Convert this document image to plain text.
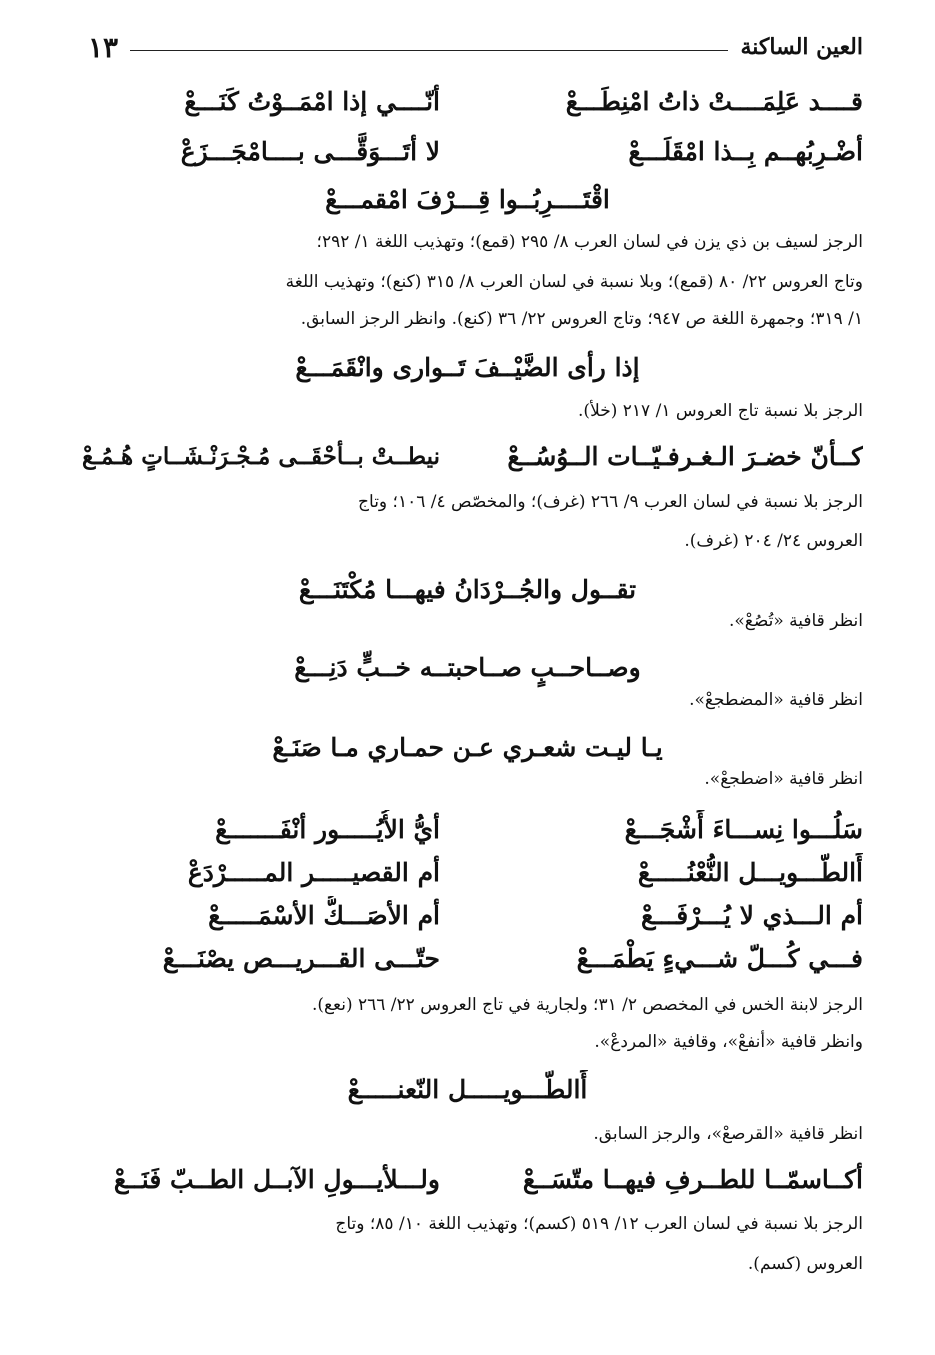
العين الساكنة
١٣
قــــد عَلِمَــــتْ ذاتُ امْنِطَـــعْ
أنّــــي إذا امْمَــوْتُ كَنَـــعْ
أضْـرِبُهــم بِــذا امْقَلَـــعْ
لا أتَـــوَقَّـــى بــــامْجَـــزَعْ
اقْتَــــرِبُــوا قِـــرْفَ امْقمـــعْ
الرجز لسيف بن ذي يزن في لسان العرب ٨/ ٢٩٥ (قمع)؛ وتهذيب اللغة ١/ ٢٩٢؛
وتاج العروس ٢٢/ ٨٠ (قمع)؛ وبلا نسبة في لسان العرب ٨/ ٣١٥ (كنع)؛ وتهذيب اللغة
١/ ٣١٩؛ وجمهرة اللغة ص ٩٤٧؛ وتاج العروس ٢٢/ ٣٦ (كنع). وانظر الرجز السابق.
إذا رأى الضَّيْــفَ تَــوارى وانْقَمَـــعْ
الرجز بلا نسبة تاج العروس ١/ ٢١٧ (خلأ).
كــأنّ خضـرَ الـغـرفـيّــات الــوُسُــعْ
نيطــتْ بــأحْقَــى مُـجْـرَنْـشَــاتٍ هُـمُـعْ
الرجز بلا نسبة في لسان العرب ٩/ ٢٦٦ (غرف)؛ والمخصّص ٤/ ١٠٦؛ وتاج
العروس ٢٤/ ٢٠٤ (غرف).
تقــول والجُــرْدَانُ فيهـــا مُكْتَنَـــعْ
انظر قافية «تُصُعْ».
وصــاحــبٍ صــاحبتــه خــبٍّ دَنِـــعْ
انظر قافية «المضطجعْ».
يـا ليـت شعـري عـن حمـاري مـا صَنَـعْ
انظر قافية «اضطجعْ».
سَلُـــوا نِســـاءَ أَشْجَـــعْ
أيُّ الأُيُـــــور أنْفَـــــــعْ
أَالطّـــويـــل النُّعْنُـــــعْ
أم القصيـــــر المـــــرْدَعْ
أم الـــذي لا يُـــرْفَـــعْ
أم الأصَـــكُّ الأسْمَـــــعْ
فـــي كُـــلّ شـــيءٍ يَطْمَـــعْ
حتّـــى القـــريـــص يصْنَـــعْ
الرجز لابنة الخس في المخصص ٢/ ٣١؛ ولجارية في تاج العروس ٢٢/ ٢٦٦ (نعع).
وانظر قافية «أنفعْ»، وقافية «المردعْ».
أَالطّـــويـــــل النّعنـــــعْ
انظر قافية «القرصعْ»، والرجز السابق.
أكــاسمّــا للطــرفِ فيهــا متّسَــعْ
ولـــلأيـــولِ الآبــل الطــبّ فَنَــعْ
الرجز بلا نسبة في لسان العرب ١٢/ ٥١٩ (كسم)؛ وتهذيب اللغة ١٠/ ٨٥؛ وتاج
العروس (كسم).
